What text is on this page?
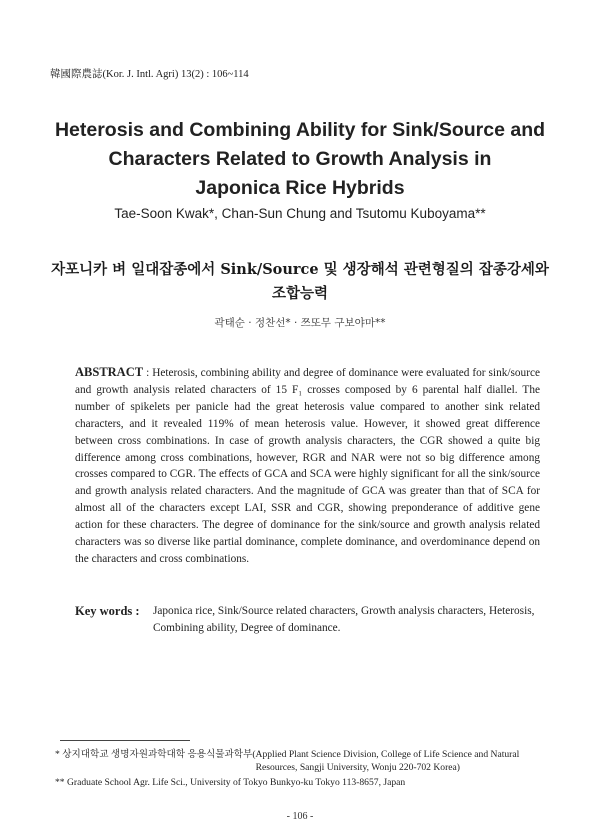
韓國際農誌(Kor. J. Intl. Agri) 13(2) : 106~114
Heterosis and Combining Ability for Sink/Source and
Characters Related to Growth Analysis in
Japonica Rice Hybrids
Tae-Soon Kwak*, Chan-Sun Chung and Tsutomu Kuboyama**
자포니카 벼 일대잡종에서 Sink/Source 및 생장해석 관련형질의 잡종강세와
조합능력
곽태순 · 정찬선* · 쯔또무 구보야마**
ABSTRACT : Heterosis, combining ability and degree of dominance were evaluated for sink/source and growth analysis related characters of 15 F₁ crosses composed by 6 parental half diallel. The number of spikelets per panicle had the great heterosis value compared to another sink related characters, and it revealed 119% of mean heterosis value. However, it showed great difference between cross combinations. In case of growth analysis characters, the CGR showed a quite big difference among cross combinations, however, RGR and NAR were not so big difference among crosses compared to CGR. The effects of GCA and SCA were highly significant for all the sink/source and growth analysis related characters. And the magnitude of GCA was greater than that of SCA for almost all of the characters except LAI, SSR and CGR, showing preponderance of additive gene action for these characters. The degree of dominance for the sink/source and growth analysis related characters was so diverse like partial dominance, complete dominance, and overdominance depend on the characters and cross combinations.
Key words :	Japonica rice, Sink/Source related characters, Growth analysis characters, Heterosis, Combining ability, Degree of dominance.
* 상지대학교 생명자원과학대학 응용식물과학부(Applied Plant Science Division, College of Life Science and Natural
Resources, Sangji University, Wonju 220-702 Korea)
** Graduate School Agr. Life Sci., University of Tokyo Bunkyo-ku Tokyo 113-8657, Japan
- 106 -
